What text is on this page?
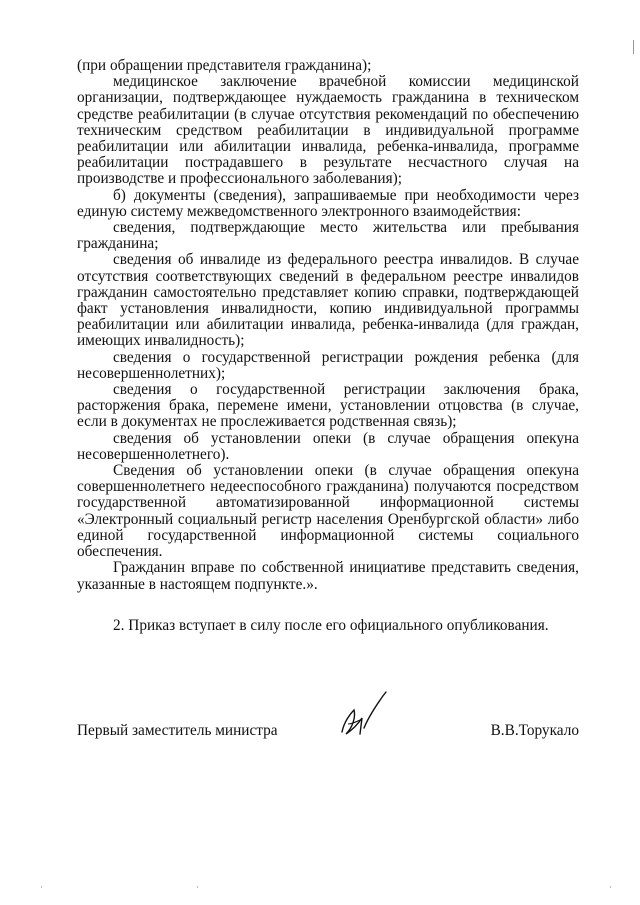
(при обращении представителя гражданина);

медицинское заключение врачебной комиссии медицинской организации, подтверждающее нуждаемость гражданина в техническом средстве реабилитации (в случае отсутствия рекомендаций по обеспечению техническим средством реабилитации в индивидуальной программе реабилитации или абилитации инвалида, ребенка-инвалида, программе реабилитации пострадавшего в результате несчастного случая на производстве и профессионального заболевания);

б) документы (сведения), запрашиваемые при необходимости через единую систему межведомственного электронного взаимодействия:

сведения, подтверждающие место жительства или пребывания гражданина;

сведения об инвалиде из федерального реестра инвалидов. В случае отсутствия соответствующих сведений в федеральном реестре инвалидов гражданин самостоятельно представляет копию справки, подтверждающей факт установления инвалидности, копию индивидуальной программы реабилитации или абилитации инвалида, ребенка-инвалида (для граждан, имеющих инвалидность);

сведения о государственной регистрации рождения ребенка (для несовершеннолетних);

сведения о государственной регистрации заключения брака, расторжения брака, перемене имени, установлении отцовства (в случае, если в документах не прослеживается родственная связь);

сведения об установлении опеки (в случае обращения опекуна несовершеннолетнего).

Сведения об установлении опеки (в случае обращения опекуна совершеннолетнего недееспособного гражданина) получаются посредством государственной автоматизированной информационной системы «Электронный социальный регистр населения Оренбургской области» либо единой государственной информационной системы социального обеспечения.

Гражданин вправе по собственной инициативе представить сведения, указанные в настоящем подпункте.».

2. Приказ вступает в силу после его официального опубликования.

Первый заместитель министра	В.В.Торукало
